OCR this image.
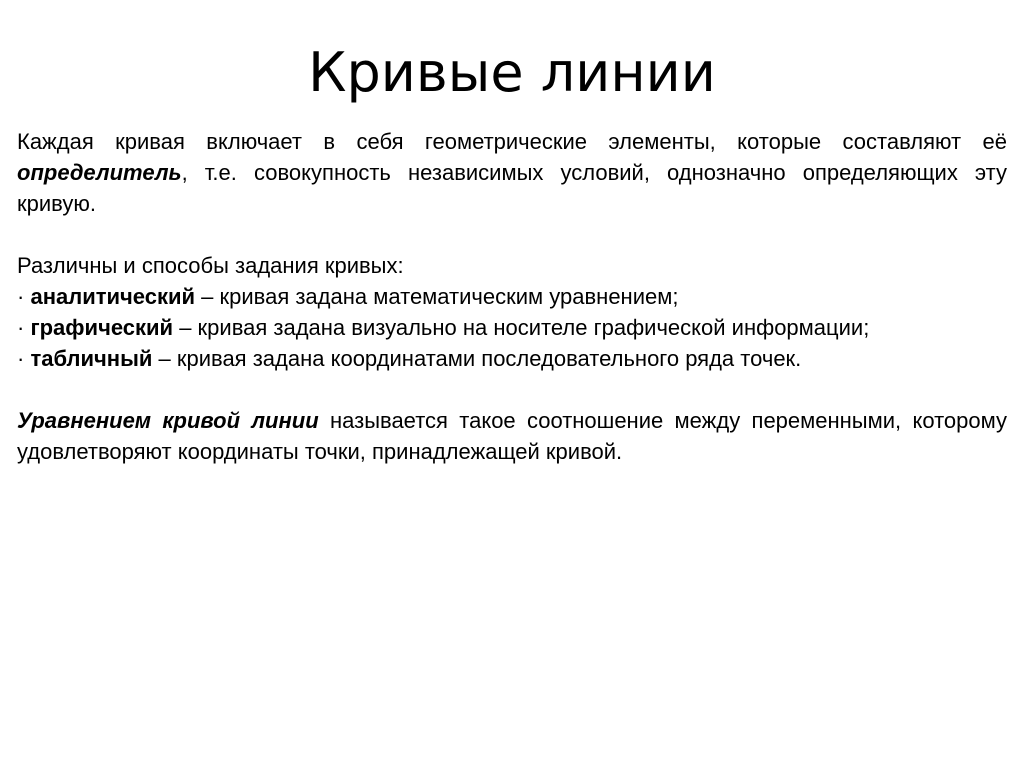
Кривые линии

Каждая кривая включает в себя геометрические элементы, которые составляют её определитель, т.е. совокупность независимых условий, однозначно определяющих эту кривую.

Различны и способы задания кривых:

· аналитический – кривая задана математическим уравнением;

· графический – кривая задана визуально на носителе графической информации;

· табличный – кривая задана координатами последовательного ряда точек.

Уравнением кривой линии называется такое соотношение между переменными, которому удовлетворяют координаты точки, принадлежащей кривой.
